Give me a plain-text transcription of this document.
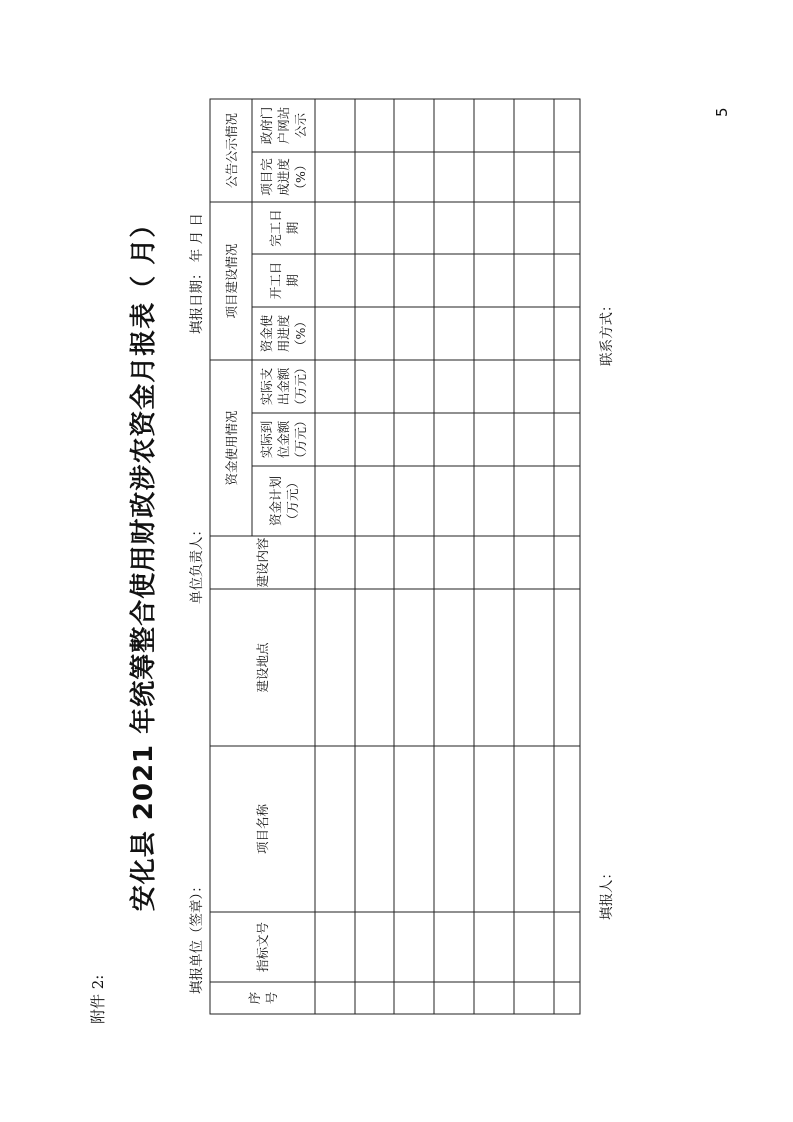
附件 2:
5
安化县 2021 年统筹整合使用财政涉农资金月报表（ 月）
填报单位（签章）：
单位负责人：
填报日期： 年 月 日
序
号
指标文号
项目名称
建设地点
建设内容
资金使用情况
资金计划
（万元）
实际到
位金额
（万元）
实际支
出金额
（万元）
项目建设情况
资金使
用进度
（%）
开工日
期
完工日
期
公告公示情况	项目完
成进度
（%）
政府门
户网站
公示
填报人：
联系方式：
